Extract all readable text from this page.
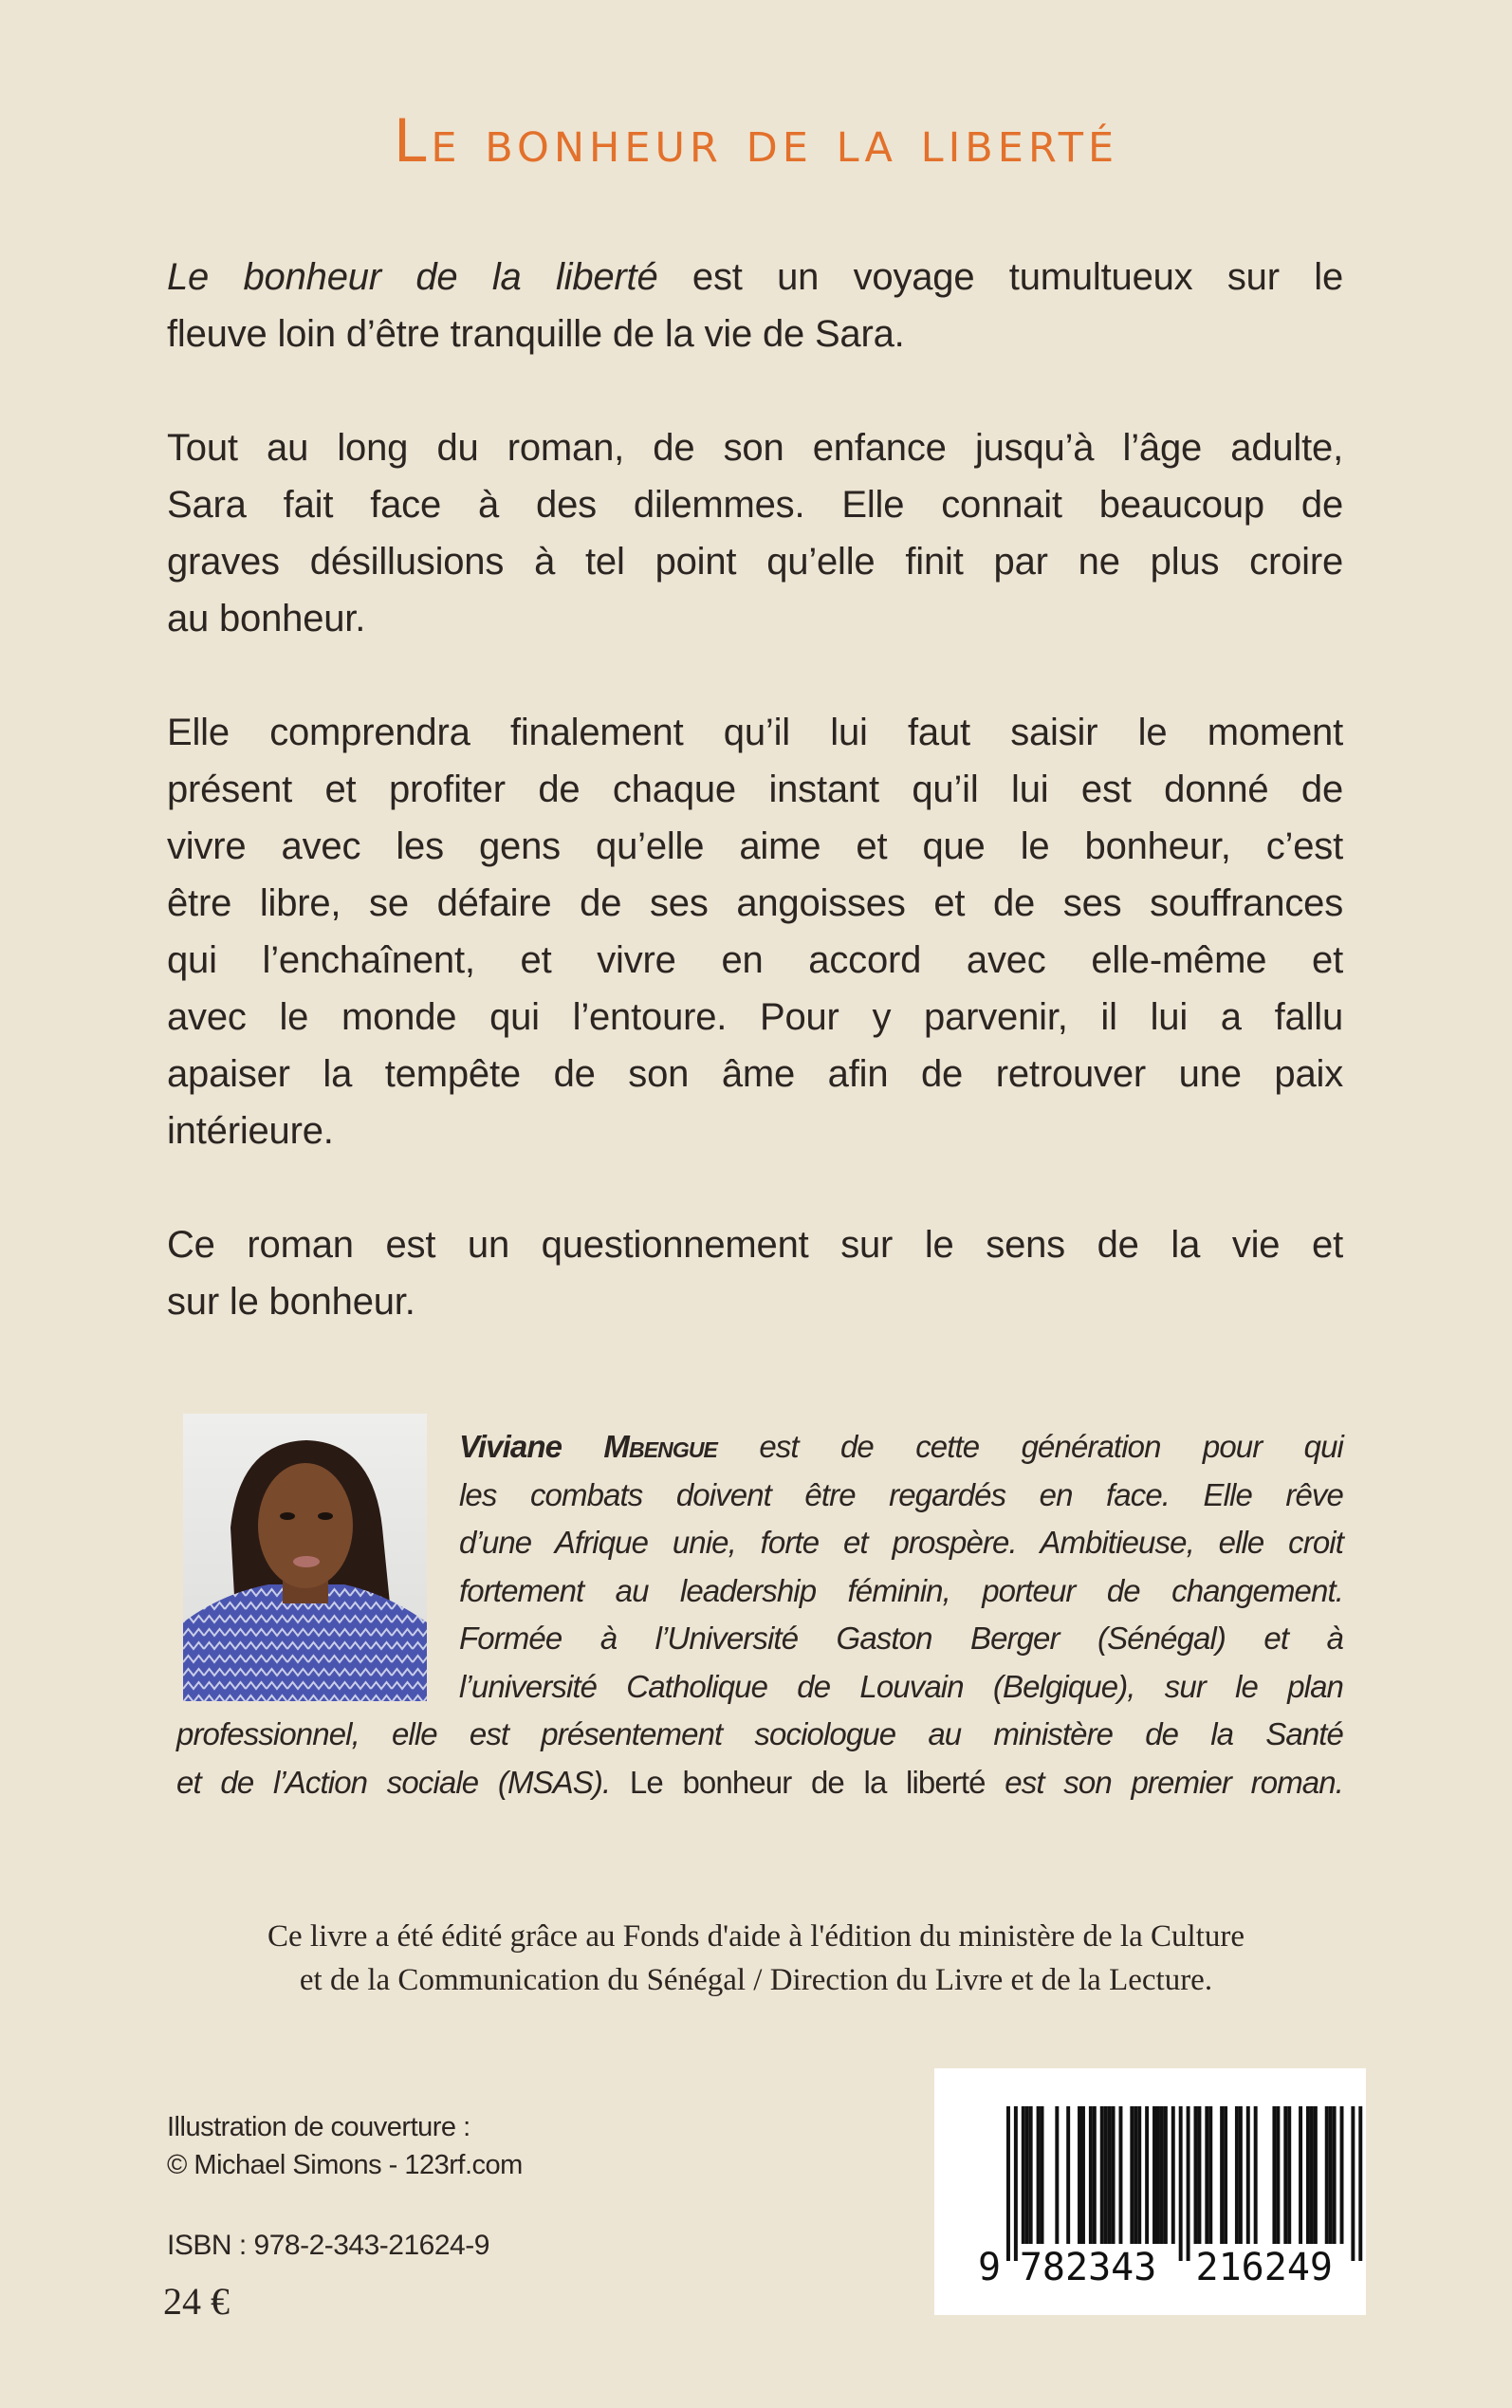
Le bonheur de la liberté
Le bonheur de la liberté est un voyage tumultueux sur le
fleuve loin d’être tranquille de la vie de Sara.
Tout au long du roman, de son enfance jusqu’à l’âge adulte,
Sara fait face à des dilemmes. Elle connait beaucoup de
graves désillusions à tel point qu’elle finit par ne plus croire
au bonheur.
Elle comprendra finalement qu’il lui faut saisir le moment
présent et profiter de chaque instant qu’il lui est donné de
vivre avec les gens qu’elle aime et que le bonheur, c’est
être libre, se défaire de ses angoisses et de ses souffrances
qui l’enchaînent, et vivre en accord avec elle-même et
avec le monde qui l’entoure. Pour y parvenir, il lui a fallu
apaiser la tempête de son âme afin de retrouver une paix
intérieure.
Ce roman est un questionnement sur le sens de la vie et
sur le bonheur.
Viviane Mbengue est de cette génération pour qui
les combats doivent être regardés en face. Elle rêve
d’une Afrique unie, forte et prospère. Ambitieuse, elle croit
fortement au leadership féminin, porteur de changement.
Formée à l’Université Gaston Berger (Sénégal) et à
l’université Catholique de Louvain (Belgique), sur le plan
professionnel, elle est présentement sociologue au ministère de la Santé
et de l’Action sociale (MSAS). Le bonheur de la liberté est son premier roman.
Ce livre a été édité grâce au Fonds d'aide à l'édition du ministère de la Culture
et de la Communication du Sénégal / Direction du Livre et de la Lecture.
Illustration de couverture :
© Michael Simons - 123rf.com
ISBN : 978-2-343-21624-9
24 €
9 782343 216249
